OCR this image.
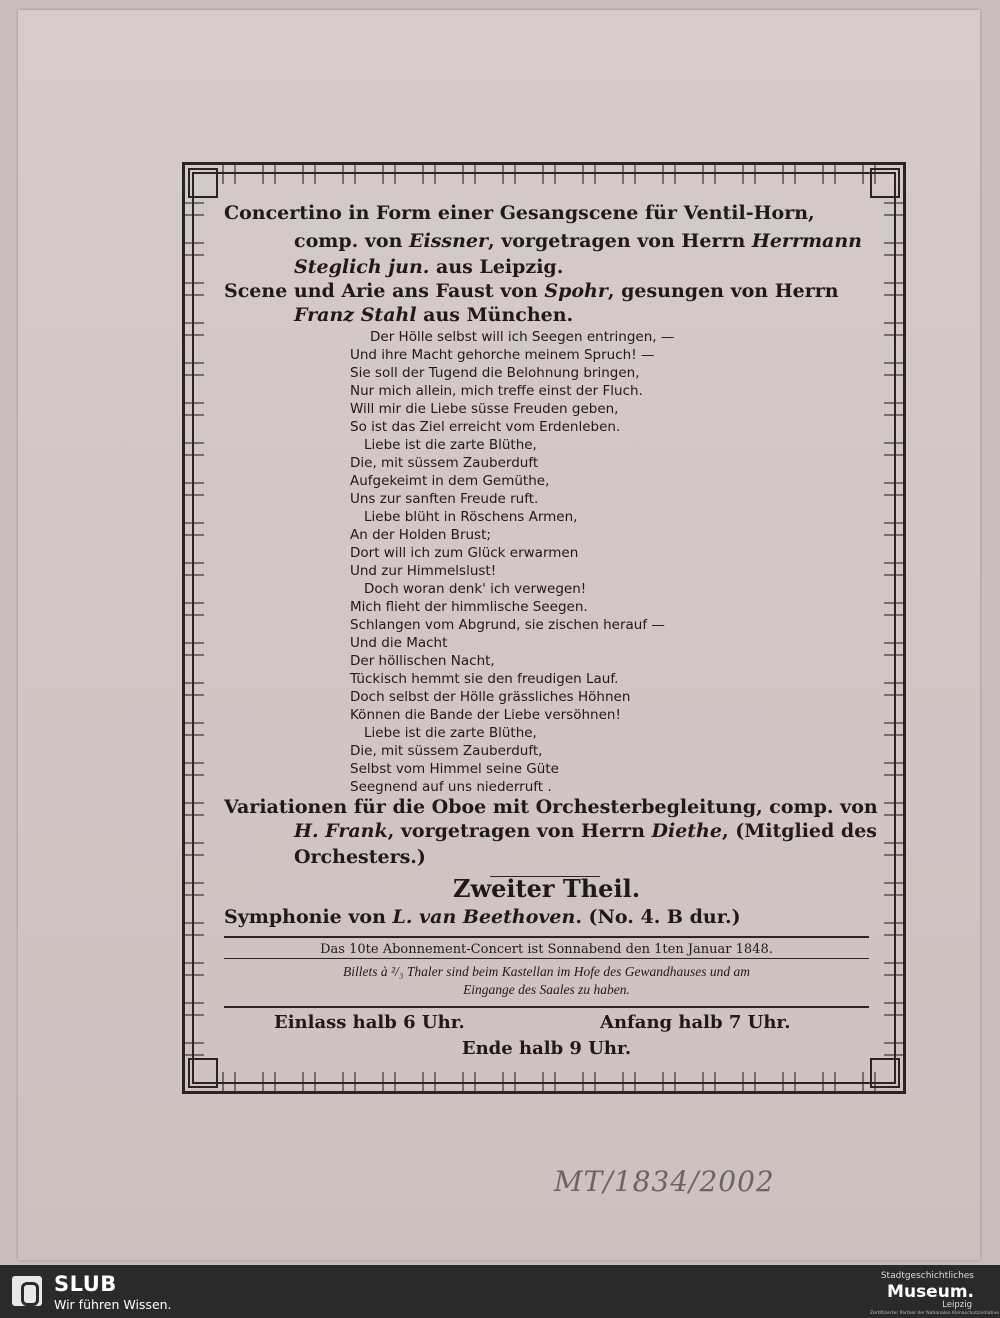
Concertino in Form einer Gesangscene für Ventil-Horn,
comp. von Eissner, vorgetragen von Herrn Herrmann
Steglich jun. aus Leipzig.
Scene und Arie ans Faust von Spohr, gesungen von Herrn
Franz Stahl aus München.
Der Hölle selbst will ich Seegen entringen, —
Und ihre Macht gehorche meinem Spruch! —
Sie soll der Tugend die Belohnung bringen,
Nur mich allein, mich treffe einst der Fluch.
Will mir die Liebe süsse Freuden geben,
So ist das Ziel erreicht vom Erdenleben.
Liebe ist die zarte Blüthe,
Die, mit süssem Zauberduft
Aufgekeimt in dem Gemüthe,
Uns zur sanften Freude ruft.
Liebe blüht in Röschens Armen,
An der Holden Brust;
Dort will ich zum Glück erwarmen
Und zur Himmelslust!
Doch woran denk' ich verwegen!
Mich flieht der himmlische Seegen.
Schlangen vom Abgrund, sie zischen herauf —
Und die Macht
Der höllischen Nacht,
Tückisch hemmt sie den freudigen Lauf.
Doch selbst der Hölle grässliches Höhnen
Können die Bande der Liebe versöhnen!
Liebe ist die zarte Blüthe,
Die, mit süssem Zauberduft,
Selbst vom Himmel seine Güte
Seegnend auf uns niederruft .
Variationen für die Oboe mit Orchesterbegleitung, comp. von
H. Frank, vorgetragen von Herrn Diethe, (Mitglied des
Orchesters.)
Zweiter Theil.
Symphonie von L. van Beethoven. (No. 4. B dur.)
Das 10te Abonnement-Concert ist Sonnabend den 1ten Januar 1848.
Billets à ²/₃ Thaler sind beim Kastellan im Hofe des Gewandhauses und am
Eingange des Saales zu haben.
Einlass halb 6 Uhr.	Anfang halb 7 Uhr.
Ende halb 9 Uhr.
MT/1834/2002
SLUB
Wir führen Wissen.
Stadtgeschichtliches
Museum.
Leipzig
Zertifizierter Partner der Nationalen Klimaschutzinitiative
